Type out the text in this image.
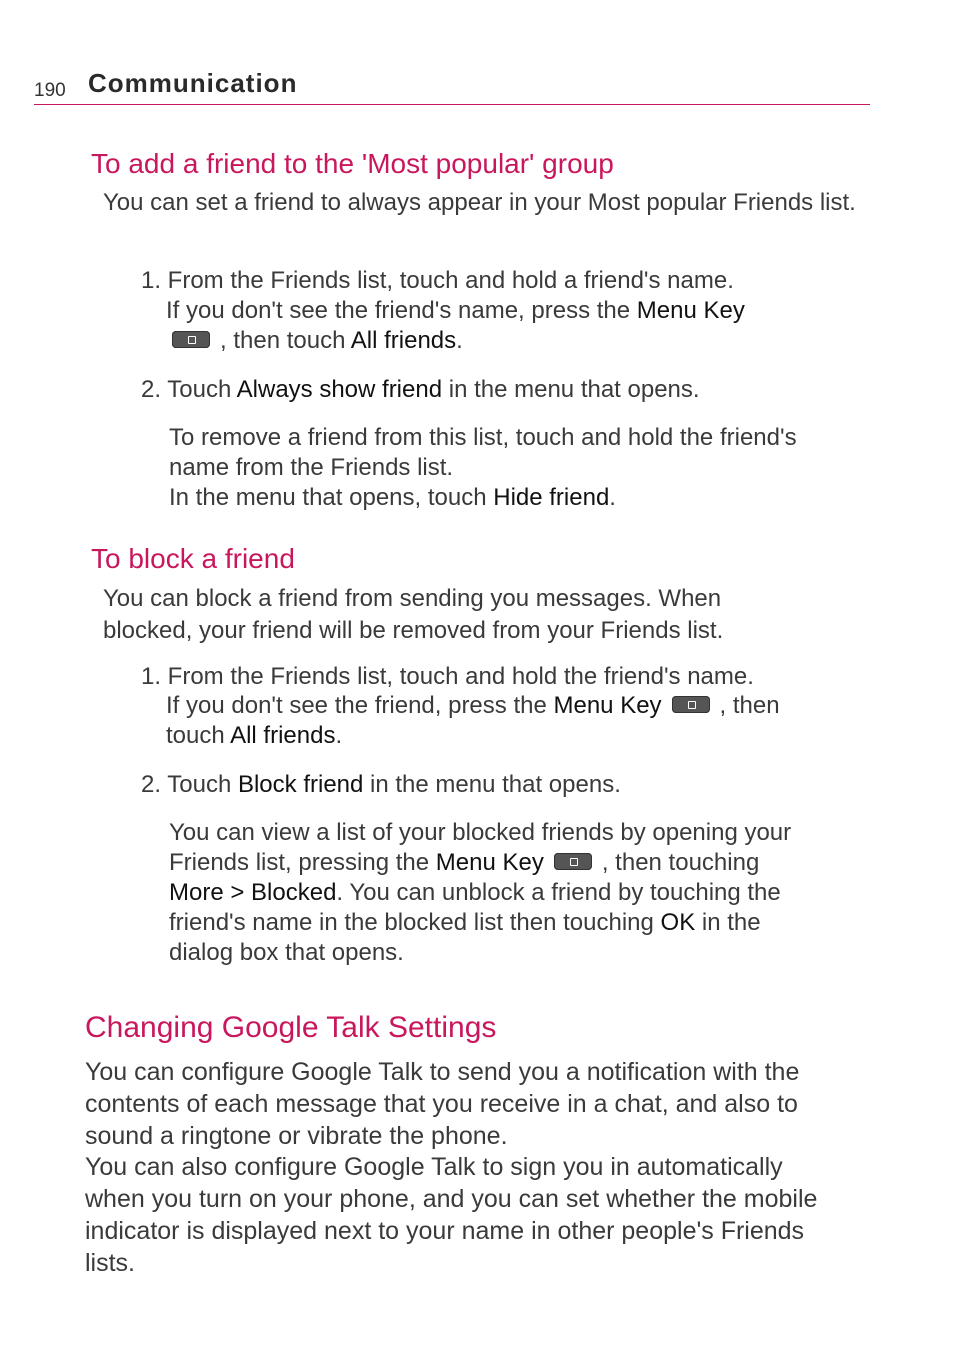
190 Communication
To add a friend to the 'Most popular' group

You can set a friend to always appear in your Most popular Friends list.

1. From the Friends list, touch and hold a friend's name.

If you don't see the friend's name, press the Menu Key

, then touch All friends.

2. Touch Always show friend in the menu that opens.

To remove a friend from this list, touch and hold the friend's

name from the Friends list.

In the menu that opens, touch Hide friend.

To block a friend

You can block a friend from sending you messages. When

blocked, your friend will be removed from your Friends list.

1. From the Friends list, touch and hold the friend's name.

If you don't see the friend, press the Menu Key , then

touch All friends.

2. Touch Block friend in the menu that opens.

You can view a list of your blocked friends by opening your

Friends list, pressing the Menu Key , then touching

More > Blocked. You can unblock a friend by touching the

friend's name in the blocked list then touching OK in the

dialog box that opens.

Changing Google Talk Settings

You can configure Google Talk to send you a notification with the

contents of each message that you receive in a chat, and also to

sound a ringtone or vibrate the phone.

You can also configure Google Talk to sign you in automatically

when you turn on your phone, and you can set whether the mobile

indicator is displayed next to your name in other people's Friends

lists.
